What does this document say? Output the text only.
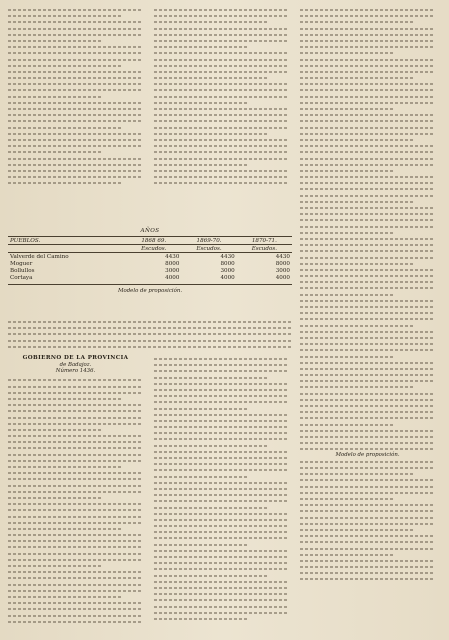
Modelo de proposición.
AÑOS
PUEBLOS.	1868 69.	1869-70.	1870-71.
	Escudos.	Escudos.	Escudos.
Valverde del Camino	4430	4430	4430
Moguer	8000	8000	8000
Bollullos	3000	3000	3000
Cortaya	4000	4000	4000
Modelo de proposición.
GOBIERNO DE LA PROVINCIA
de Badajoz.
Número 1436.
